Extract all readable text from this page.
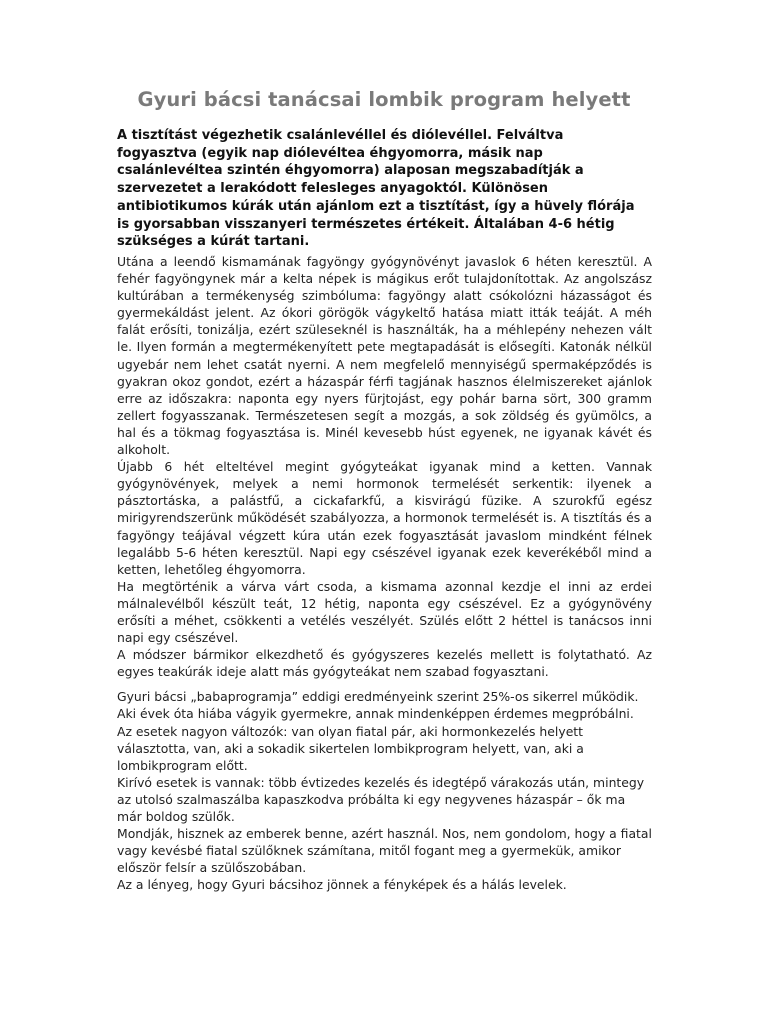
Gyuri bácsi tanácsai lombik program helyett

A tisztítást végezhetik csalánlevéllel és diólevéllel. Felváltva fogyasztva (egyik nap diólevéltea éhgyomorra, másik nap csalánlevéltea szintén éhgyomorra) alaposan megszabadítják a szervezetet a lerakódott felesleges anyagoktól. Különösen antibiotikumos kúrák után ajánlom ezt a tisztítást, így a hüvely flórája is gyorsabban visszanyeri természetes értékeit. Általában 4-6 hétig szükséges a kúrát tartani.

Utána a leendő kismamának fagyöngy gyógynövényt javaslok 6 héten keresztül. A fehér fagyöngynek már a kelta népek is mágikus erőt tulajdonítottak. Az angolszász kultúrában a termékenység szimbóluma: fagyöngy alatt csókolózni házasságot és gyermekáldást jelent. Az ókori görögök vágykeltő hatása miatt itták teáját. A méh falát erősíti, tonizálja, ezért szüleseknél is használták, ha a méhlepény nehezen vált le. Ilyen formán a megtermékenyített pete megtapadását is elősegíti. Katonák nélkül ugyebár nem lehet csatát nyerni. A nem megfelelő mennyiségű spermaképződés is gyakran okoz gondot, ezért a házaspár férfi tagjának hasznos élelmiszereket ajánlok erre az időszakra: naponta egy nyers fürjtojást, egy pohár barna sört, 300 gramm zellert fogyasszanak. Természetesen segít a mozgás, a sok zöldség és gyümölcs, a hal és a tökmag fogyasztása is. Minél kevesebb húst egyenek, ne igyanak kávét és alkoholt.

Újabb 6 hét elteltével megint gyógyteákat igyanak mind a ketten. Vannak gyógynövények, melyek a nemi hormonok termelését serkentik: ilyenek a pásztortáska, a palástfű, a cickafarkfű, a kisvirágú füzike. A szurokfű egész mirigyrendszerünk működését szabályozza, a hormonok termelését is. A tisztítás és a fagyöngy teájával végzett kúra után ezek fogyasztását javaslom mindként félnek legalább 5-6 héten keresztül. Napi egy csészével igyanak ezek keverékéből mind a ketten, lehetőleg éhgyomorra.

Ha megtörténik a várva várt csoda, a kismama azonnal kezdje el inni az erdei málnalevélből készült teát, 12 hétig, naponta egy csészével. Ez a gyógynövény erősíti a méhet, csökkenti a vetélés veszélyét. Szülés előtt 2 héttel is tanácsos inni napi egy csészével.

A módszer bármikor elkezdhető és gyógyszeres kezelés mellett is folytatható. Az egyes teakúrák ideje alatt más gyógyteákat nem szabad fogyasztani.

Gyuri bácsi „babaprogramja” eddigi eredményeink szerint 25%-os sikerrel működik. Aki évek óta hiába vágyik gyermekre, annak mindenképpen érdemes megpróbálni. Az esetek nagyon változók: van olyan fiatal pár, aki hormonkezelés helyett választotta, van, aki a sokadik sikertelen lombikprogram helyett, van, aki a lombikprogram előtt.

Kirívó esetek is vannak: több évtizedes kezelés és idegtépő várakozás után, mintegy az utolsó szalmaszálba kapaszkodva próbálta ki egy negyvenes házaspár – ők ma már boldog szülők.

Mondják, hisznek az emberek benne, azért használ. Nos, nem gondolom, hogy a fiatal vagy kevésbé fiatal szülőknek számítana, mitől fogant meg a gyermekük, amikor először felsír a szülőszobában.

Az a lényeg, hogy Gyuri bácsihoz jönnek a fényképek és a hálás levelek.
